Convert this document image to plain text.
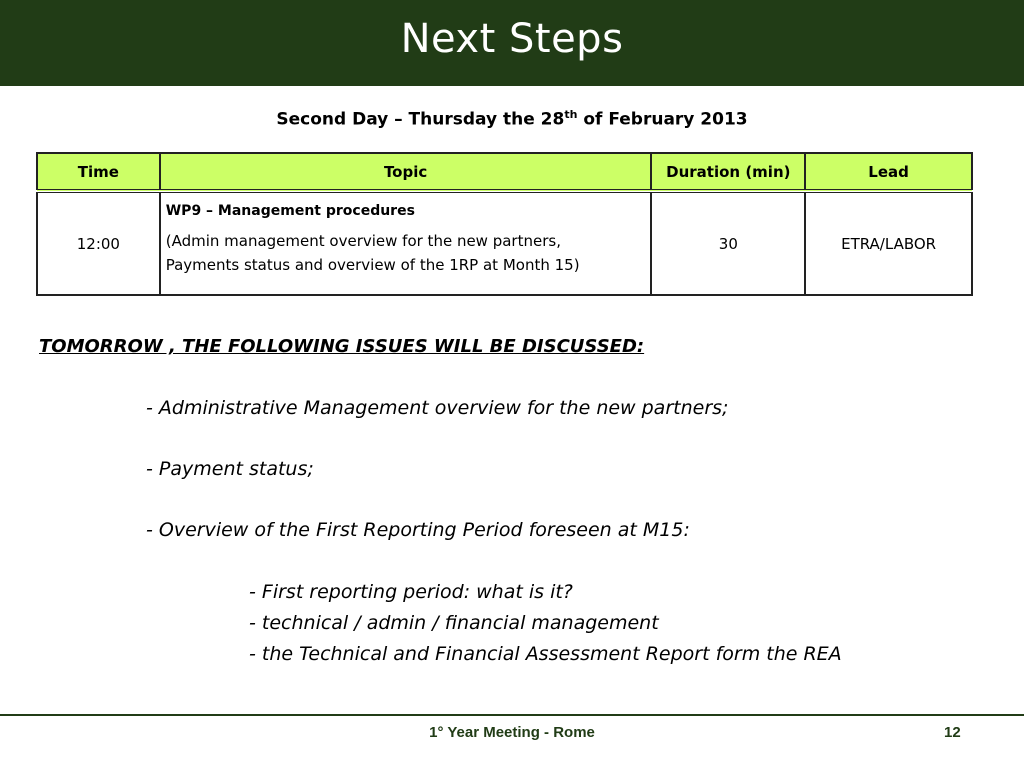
Next Steps
Second Day – Thursday the 28th of February 2013
Time	Topic	Duration (min)	Lead
12:00	WP9 – Management procedures
(Admin management overview for the new partners,
Payments status and overview of the 1RP at Month 15)	30	ETRA/LABOR
TOMORROW , THE FOLLOWING ISSUES WILL BE DISCUSSED:
- Administrative Management overview for the new partners;
- Payment status;
- Overview of the First Reporting Period foreseen at M15:
- First reporting period: what is it?
- technical / admin / financial management
- the Technical and Financial Assessment Report form the REA
1° Year Meeting - Rome	12
